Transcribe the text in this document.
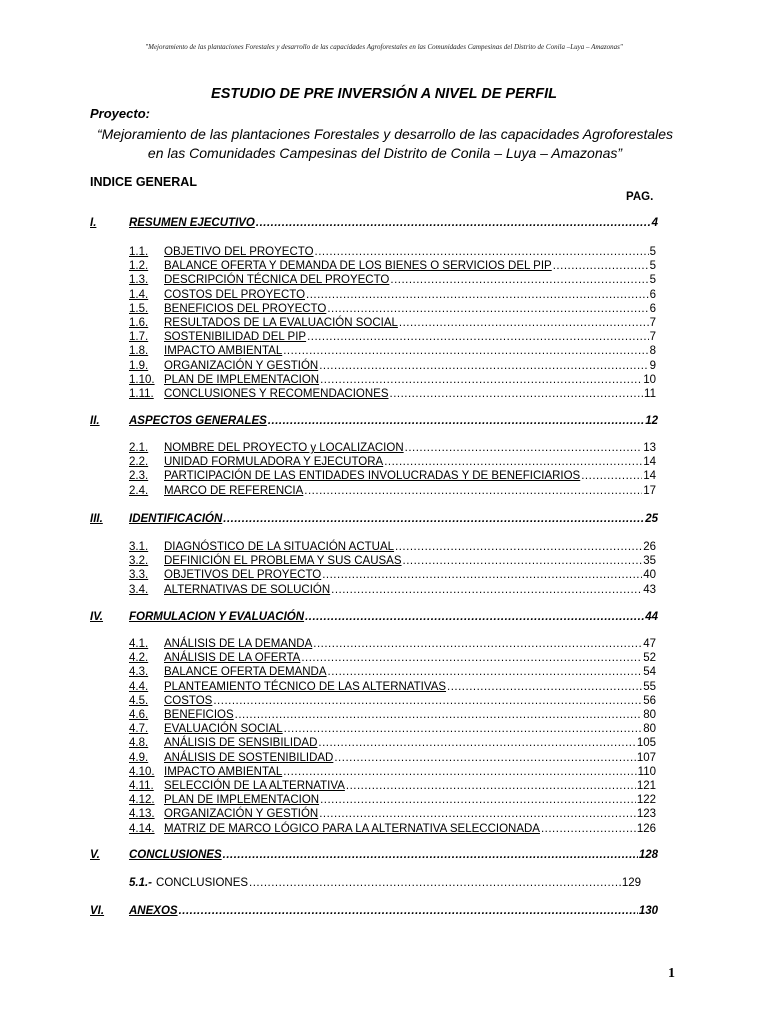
"Mejoramiento de las plantaciones Forestales y desarrollo de las capacidades Agroforestales en las Comunidades Campesinas del Distrito de Conila –Luya – Amazonas"
ESTUDIO DE PRE INVERSIÓN A NIVEL DE PERFIL
Proyecto:
“Mejoramiento de las plantaciones Forestales y desarrollo de las capacidades Agroforestales
en las Comunidades Campesinas del Distrito de Conila – Luya – Amazonas”
INDICE GENERAL
PAG.
I.	RESUMEN EJECUTIVO .....	4
1.1. OBJETIVO DEL PROYECTO .....	5
1.2. BALANCE OFERTA Y DEMANDA DE LOS BIENES O SERVICIOS DEL PIP .....	5
1.3. DESCRIPCIÓN TÉCNICA DEL PROYECTO .....	5
1.4. COSTOS DEL PROYECTO .....	6
1.5. BENEFICIOS DEL PROYECTO .....	6
1.6. RESULTADOS DE LA EVALUACIÓN SOCIAL .....	7
1.7. SOSTENIBILIDAD DEL PIP .....	7
1.8. IMPACTO AMBIENTAL .....	8
1.9. ORGANIZACIÓN Y GESTIÓN .....	9
1.10. PLAN DE IMPLEMENTACION .....	10
1.11. CONCLUSIONES Y RECOMENDACIONES .....	11
II.	ASPECTOS GENERALES .....	12
2.1. NOMBRE DEL PROYECTO y LOCALIZACION .....	13
2.2. UNIDAD FORMULADORA Y EJECUTORA .....	14
2.3. PARTICIPACIÓN DE LAS ENTIDADES INVOLUCRADAS Y DE BENEFICIARIOS .....	14
2.4. MARCO DE REFERENCIA .....	17
III. IDENTIFICACIÓN .....	25
3.1. DIAGNÓSTICO DE LA SITUACIÓN ACTUAL .....	26
3.2. DEFINICIÓN EL PROBLEMA Y SUS CAUSAS .....	35
3.3. OBJETIVOS DEL PROYECTO .....	40
3.4. ALTERNATIVAS DE SOLUCIÓN .....	43
IV. FORMULACION Y EVALUACIÓN .....	44
4.1. ANÁLISIS DE LA DEMANDA .....	47
4.2. ANÁLISIS DE LA OFERTA .....	52
4.3. BALANCE OFERTA DEMANDA .....	54
4.4. PLANTEAMIENTO TÉCNICO DE LAS ALTERNATIVAS .....	55
4.5. COSTOS .....	56
4.6. BENEFICIOS .....	80
4.7. EVALUACIÓN SOCIAL .....	80
4.8. ANÁLISIS DE SENSIBILIDAD .....	105
4.9. ANÁLISIS DE SOSTENIBILIDAD .....	107
4.10. IMPACTO AMBIENTAL .....	110
4.11. SELECCIÓN DE LA ALTERNATIVA .....	121
4.12. PLAN DE IMPLEMENTACION .....	122
4.13. ORGANIZACIÓN Y GESTIÓN .....	123
4.14. MATRIZ DE MARCO LÓGICO PARA LA ALTERNATIVA SELECCIONADA .....	126
V.	CONCLUSIONES .....	128
5.1.- CONCLUSIONES .....	129
VI. ANEXOS .....	130
1
